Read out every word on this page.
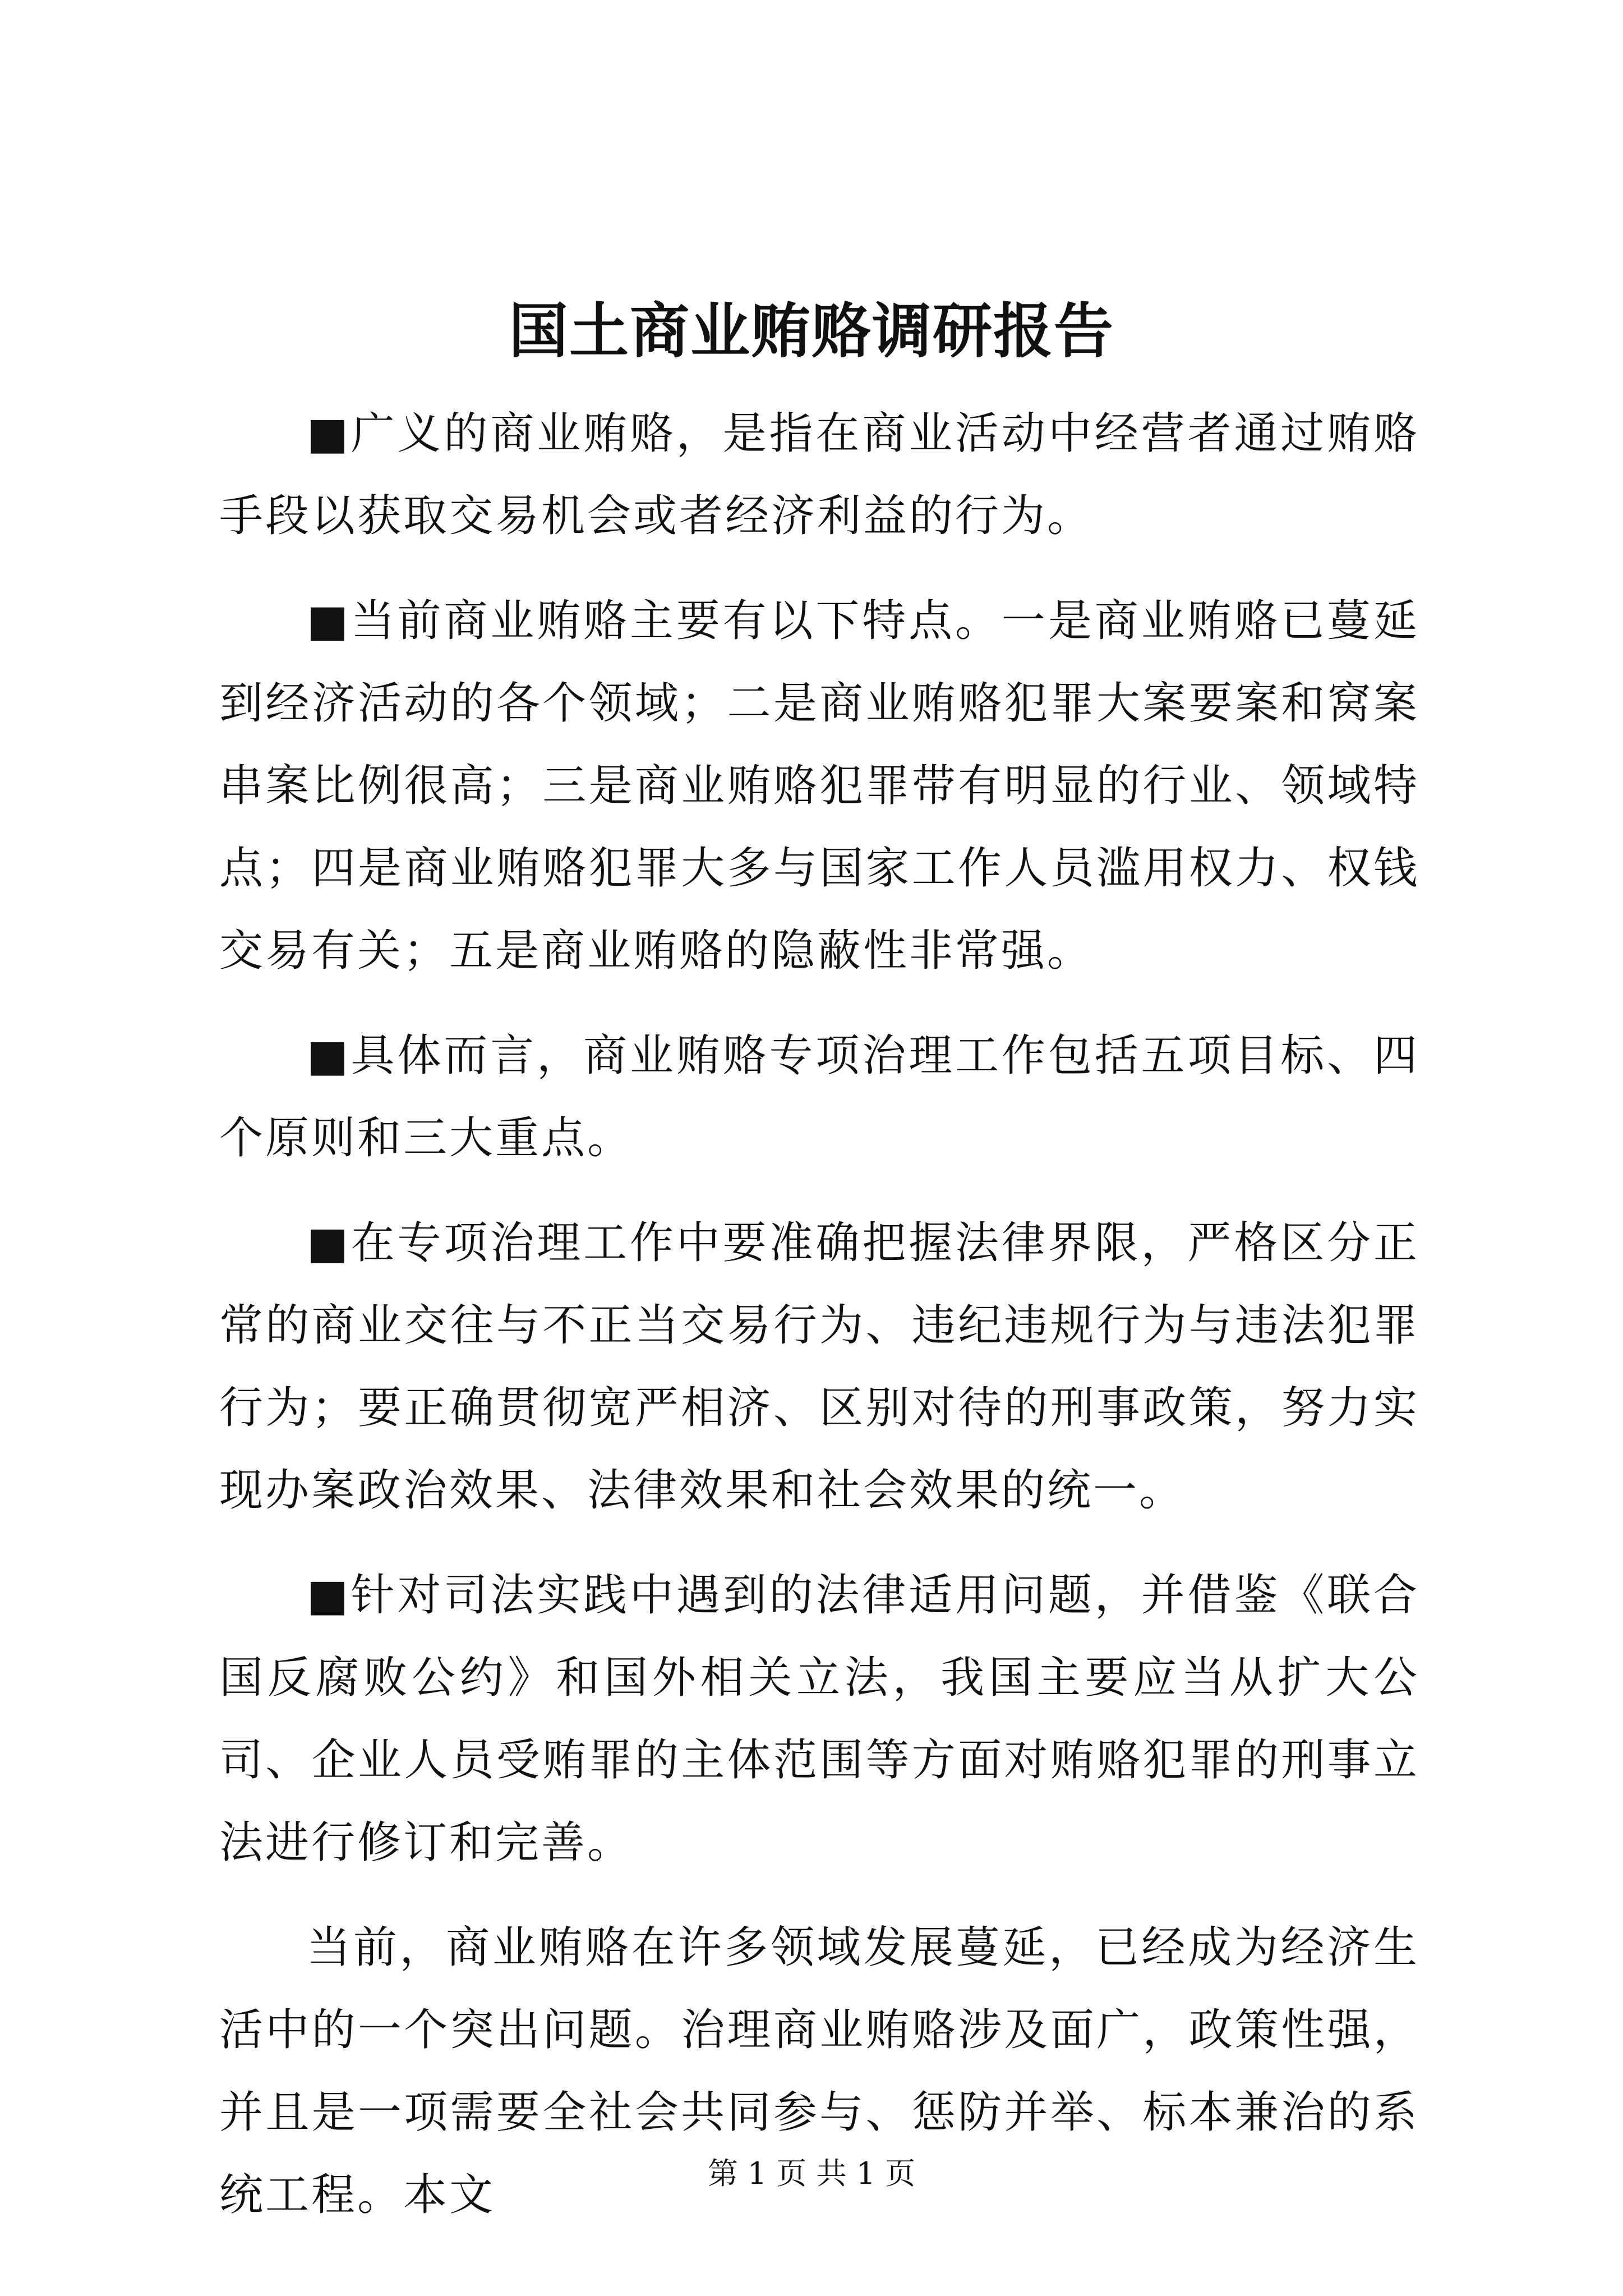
国土商业贿赂调研报告

■广义的商业贿赂，是指在商业活动中经营者通过贿赂手段以获取交易机会或者经济利益的行为。

■当前商业贿赂主要有以下特点。一是商业贿赂已蔓延到经济活动的各个领域；二是商业贿赂犯罪大案要案和窝案串案比例很高；三是商业贿赂犯罪带有明显的行业、领域特点；四是商业贿赂犯罪大多与国家工作人员滥用权力、权钱交易有关；五是商业贿赂的隐蔽性非常强。

■具体而言，商业贿赂专项治理工作包括五项目标、四个原则和三大重点。

■在专项治理工作中要准确把握法律界限，严格区分正常的商业交往与不正当交易行为、违纪违规行为与违法犯罪行为；要正确贯彻宽严相济、区别对待的刑事政策，努力实现办案政治效果、法律效果和社会效果的统一。

■针对司法实践中遇到的法律适用问题，并借鉴《联合国反腐败公约》和国外相关立法，我国主要应当从扩大公司、企业人员受贿罪的主体范围等方面对贿赂犯罪的刑事立法进行修订和完善。

当前，商业贿赂在许多领域发展蔓延，已经成为经济生活中的一个突出问题。治理商业贿赂涉及面广，政策性强，并且是一项需要全社会共同参与、惩防并举、标本兼治的系统工程。本文	第 1 页 共 1 页
